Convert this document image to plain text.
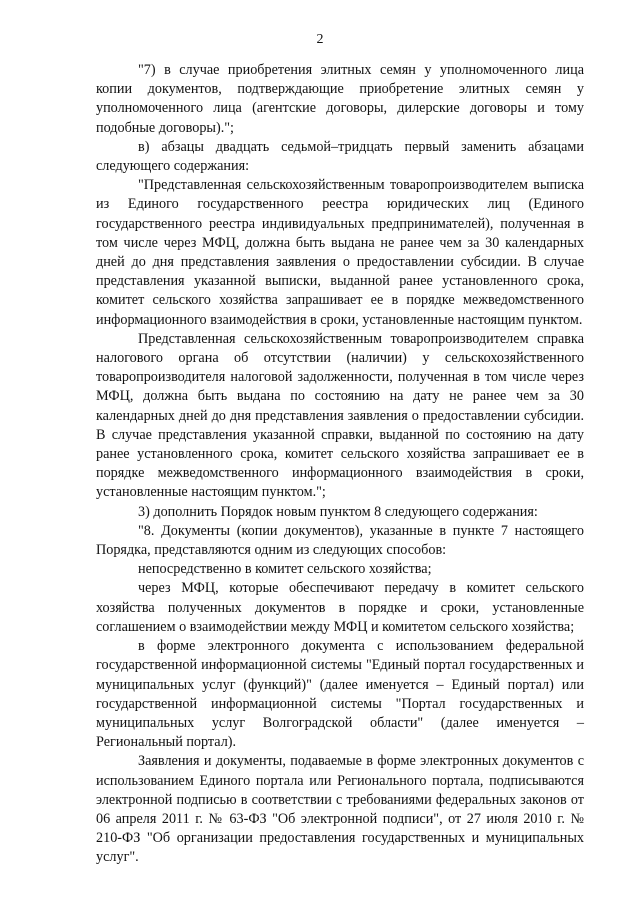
2

"7) в случае приобретения элитных семян у уполномоченного лица копии документов, подтверждающие приобретение элитных семян у уполномоченного лица (агентские договоры, дилерские договоры и тому подобные договоры).";

в) абзацы двадцать седьмой–тридцать первый заменить абзацами следующего содержания:

"Представленная сельскохозяйственным товаропроизводителем выписка из Единого государственного реестра юридических лиц (Единого государственного реестра индивидуальных предпринимателей), полученная в том числе через МФЦ, должна быть выдана не ранее чем за 30 календарных дней до дня представления заявления о предоставлении субсидии. В случае представления указанной выписки, выданной ранее установленного срока, комитет сельского хозяйства запрашивает ее в порядке межведомственного информационного взаимодействия в сроки, установленные настоящим пунктом.

Представленная сельскохозяйственным товаропроизводителем справка налогового органа об отсутствии (наличии) у сельскохозяйственного товаропроизводителя налоговой задолженности, полученная в том числе через МФЦ, должна быть выдана по состоянию на дату не ранее чем за 30 календарных дней до дня представления заявления о предоставлении субсидии. В случае представления указанной справки, выданной по состоянию на дату ранее установленного срока, комитет сельского хозяйства запрашивает ее в порядке межведомственного информационного взаимодействия в сроки, установленные настоящим пунктом.";

3) дополнить Порядок новым пунктом 8 следующего содержания:

"8. Документы (копии документов), указанные в пункте 7 настоящего Порядка, представляются одним из следующих способов:

непосредственно в комитет сельского хозяйства;

через МФЦ, которые обеспечивают передачу в комитет сельского хозяйства полученных документов в порядке и сроки, установленные соглашением о взаимодействии между МФЦ и комитетом сельского хозяйства;

в форме электронного документа с использованием федеральной государственной информационной системы "Единый портал государственных и муниципальных услуг (функций)" (далее именуется – Единый портал) или государственной информационной системы "Портал государственных и муниципальных услуг Волгоградской области" (далее именуется – Региональный портал).

Заявления и документы, подаваемые в форме электронных документов с использованием Единого портала или Регионального портала, подписываются электронной подписью в соответствии с требованиями федеральных законов от 06 апреля 2011 г. № 63-ФЗ "Об электронной подписи", от 27 июля 2010 г. № 210-ФЗ "Об организации предоставления государственных и муниципальных услуг".
